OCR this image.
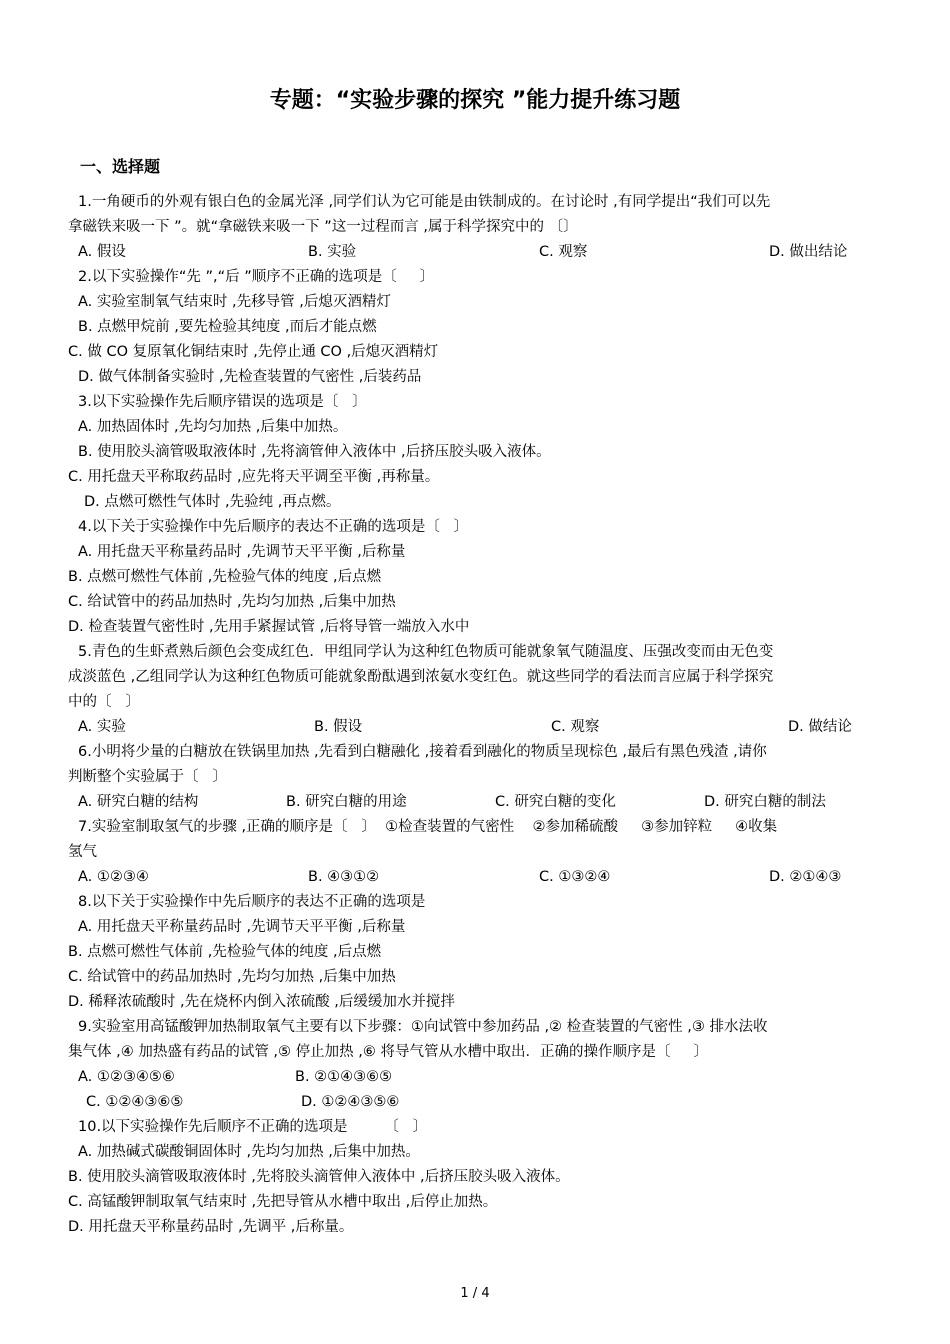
专题：“实验步骤的探究 ”能力提升练习题
一、选择题
1.一角硬币的外观有银白色的金属光泽 ,同学们认为它可能是由铁制成的。在讨论时 ,有同学提出“我们可以先
拿磁铁来吸一下 ”。就“拿磁铁来吸一下 ”这一过程而言 ,属于科学探究中的 〔〕
A. 假设	B. 实验	C. 观察	D. 做出结论
2.以下实验操作“先 ”,“后 ”顺序不正确的选项是〔     〕
A. 实验室制氧气结束时 ,先移导管 ,后熄灭酒精灯
B. 点燃甲烷前 ,要先检验其纯度 ,而后才能点燃
C. 做 CO 复原氧化铜结束时 ,先停止通 CO ,后熄灭酒精灯
D. 做气体制备实验时 ,先检查装置的气密性 ,后装药品
3.以下实验操作先后顺序错误的选项是〔   〕
A. 加热固体时 ,先均匀加热 ,后集中加热。
B. 使用胶头滴管吸取液体时 ,先将滴管伸入液体中 ,后挤压胶头吸入液体。
C. 用托盘天平称取药品时 ,应先将天平调至平衡 ,再称量。
D. 点燃可燃性气体时 ,先验纯 ,再点燃。
4.以下关于实验操作中先后顺序的表达不正确的选项是〔   〕
A. 用托盘天平称量药品时 ,先调节天平平衡 ,后称量
B. 点燃可燃性气体前 ,先检验气体的纯度 ,后点燃
C. 给试管中的药品加热时 ,先均匀加热 ,后集中加热
D. 检查装置气密性时 ,先用手紧握试管 ,后将导管一端放入水中
5.青色的生虾煮熟后颜色会变成红色．甲组同学认为这种红色物质可能就象氧气随温度、压强改变而由无色变
成淡蓝色 ,乙组同学认为这种红色物质可能就象酚酞遇到浓氨水变红色。就这些同学的看法而言应属于科学探究
中的〔   〕
A. 实验	B. 假设	C. 观察	D. 做结论
6.小明将少量的白糖放在铁锅里加热 ,先看到白糖融化 ,接着看到融化的物质呈现棕色 ,最后有黑色残渣 ,请你
判断整个实验属于〔   〕
A. 研究白糖的结构	B. 研究白糖的用途	C. 研究白糖的变化	D. 研究白糖的制法
7.实验室制取氢气的步骤 ,正确的顺序是〔   〕  ①检查装置的气密性    ②参加稀硫酸     ③参加锌粒     ④收集
氢气
A. ①②③④	B. ④③①②	C. ①③②④	D. ②①④③
8.以下关于实验操作中先后顺序的表达不正确的选项是
A. 用托盘天平称量药品时 ,先调节天平平衡 ,后称量
B. 点燃可燃性气体前 ,先检验气体的纯度 ,后点燃
C. 给试管中的药品加热时 ,先均匀加热 ,后集中加热
D. 稀释浓硫酸时 ,先在烧杯内倒入浓硫酸 ,后缓缓加水并搅拌
9.实验室用高锰酸钾加热制取氧气主要有以下步骤：①向试管中参加药品 ,② 检查装置的气密性 ,③ 排水法收
集气体 ,④ 加热盛有药品的试管 ,⑤ 停止加热 ,⑥ 将导气管从水槽中取出．正确的操作顺序是〔     〕
A. ①②③④⑤⑥	B. ②①④③⑥⑤
C. ①②④③⑥⑤	D. ①②④③⑤⑥
10.以下实验操作先后顺序不正确的选项是        〔   〕
A. 加热碱式碳酸铜固体时 ,先均匀加热 ,后集中加热。
B. 使用胶头滴管吸取液体时 ,先将胶头滴管伸入液体中 ,后挤压胶头吸入液体。
C. 高锰酸钾制取氧气结束时 ,先把导管从水槽中取出 ,后停止加热。
D. 用托盘天平称量药品时 ,先调平 ,后称量。
1 / 4
